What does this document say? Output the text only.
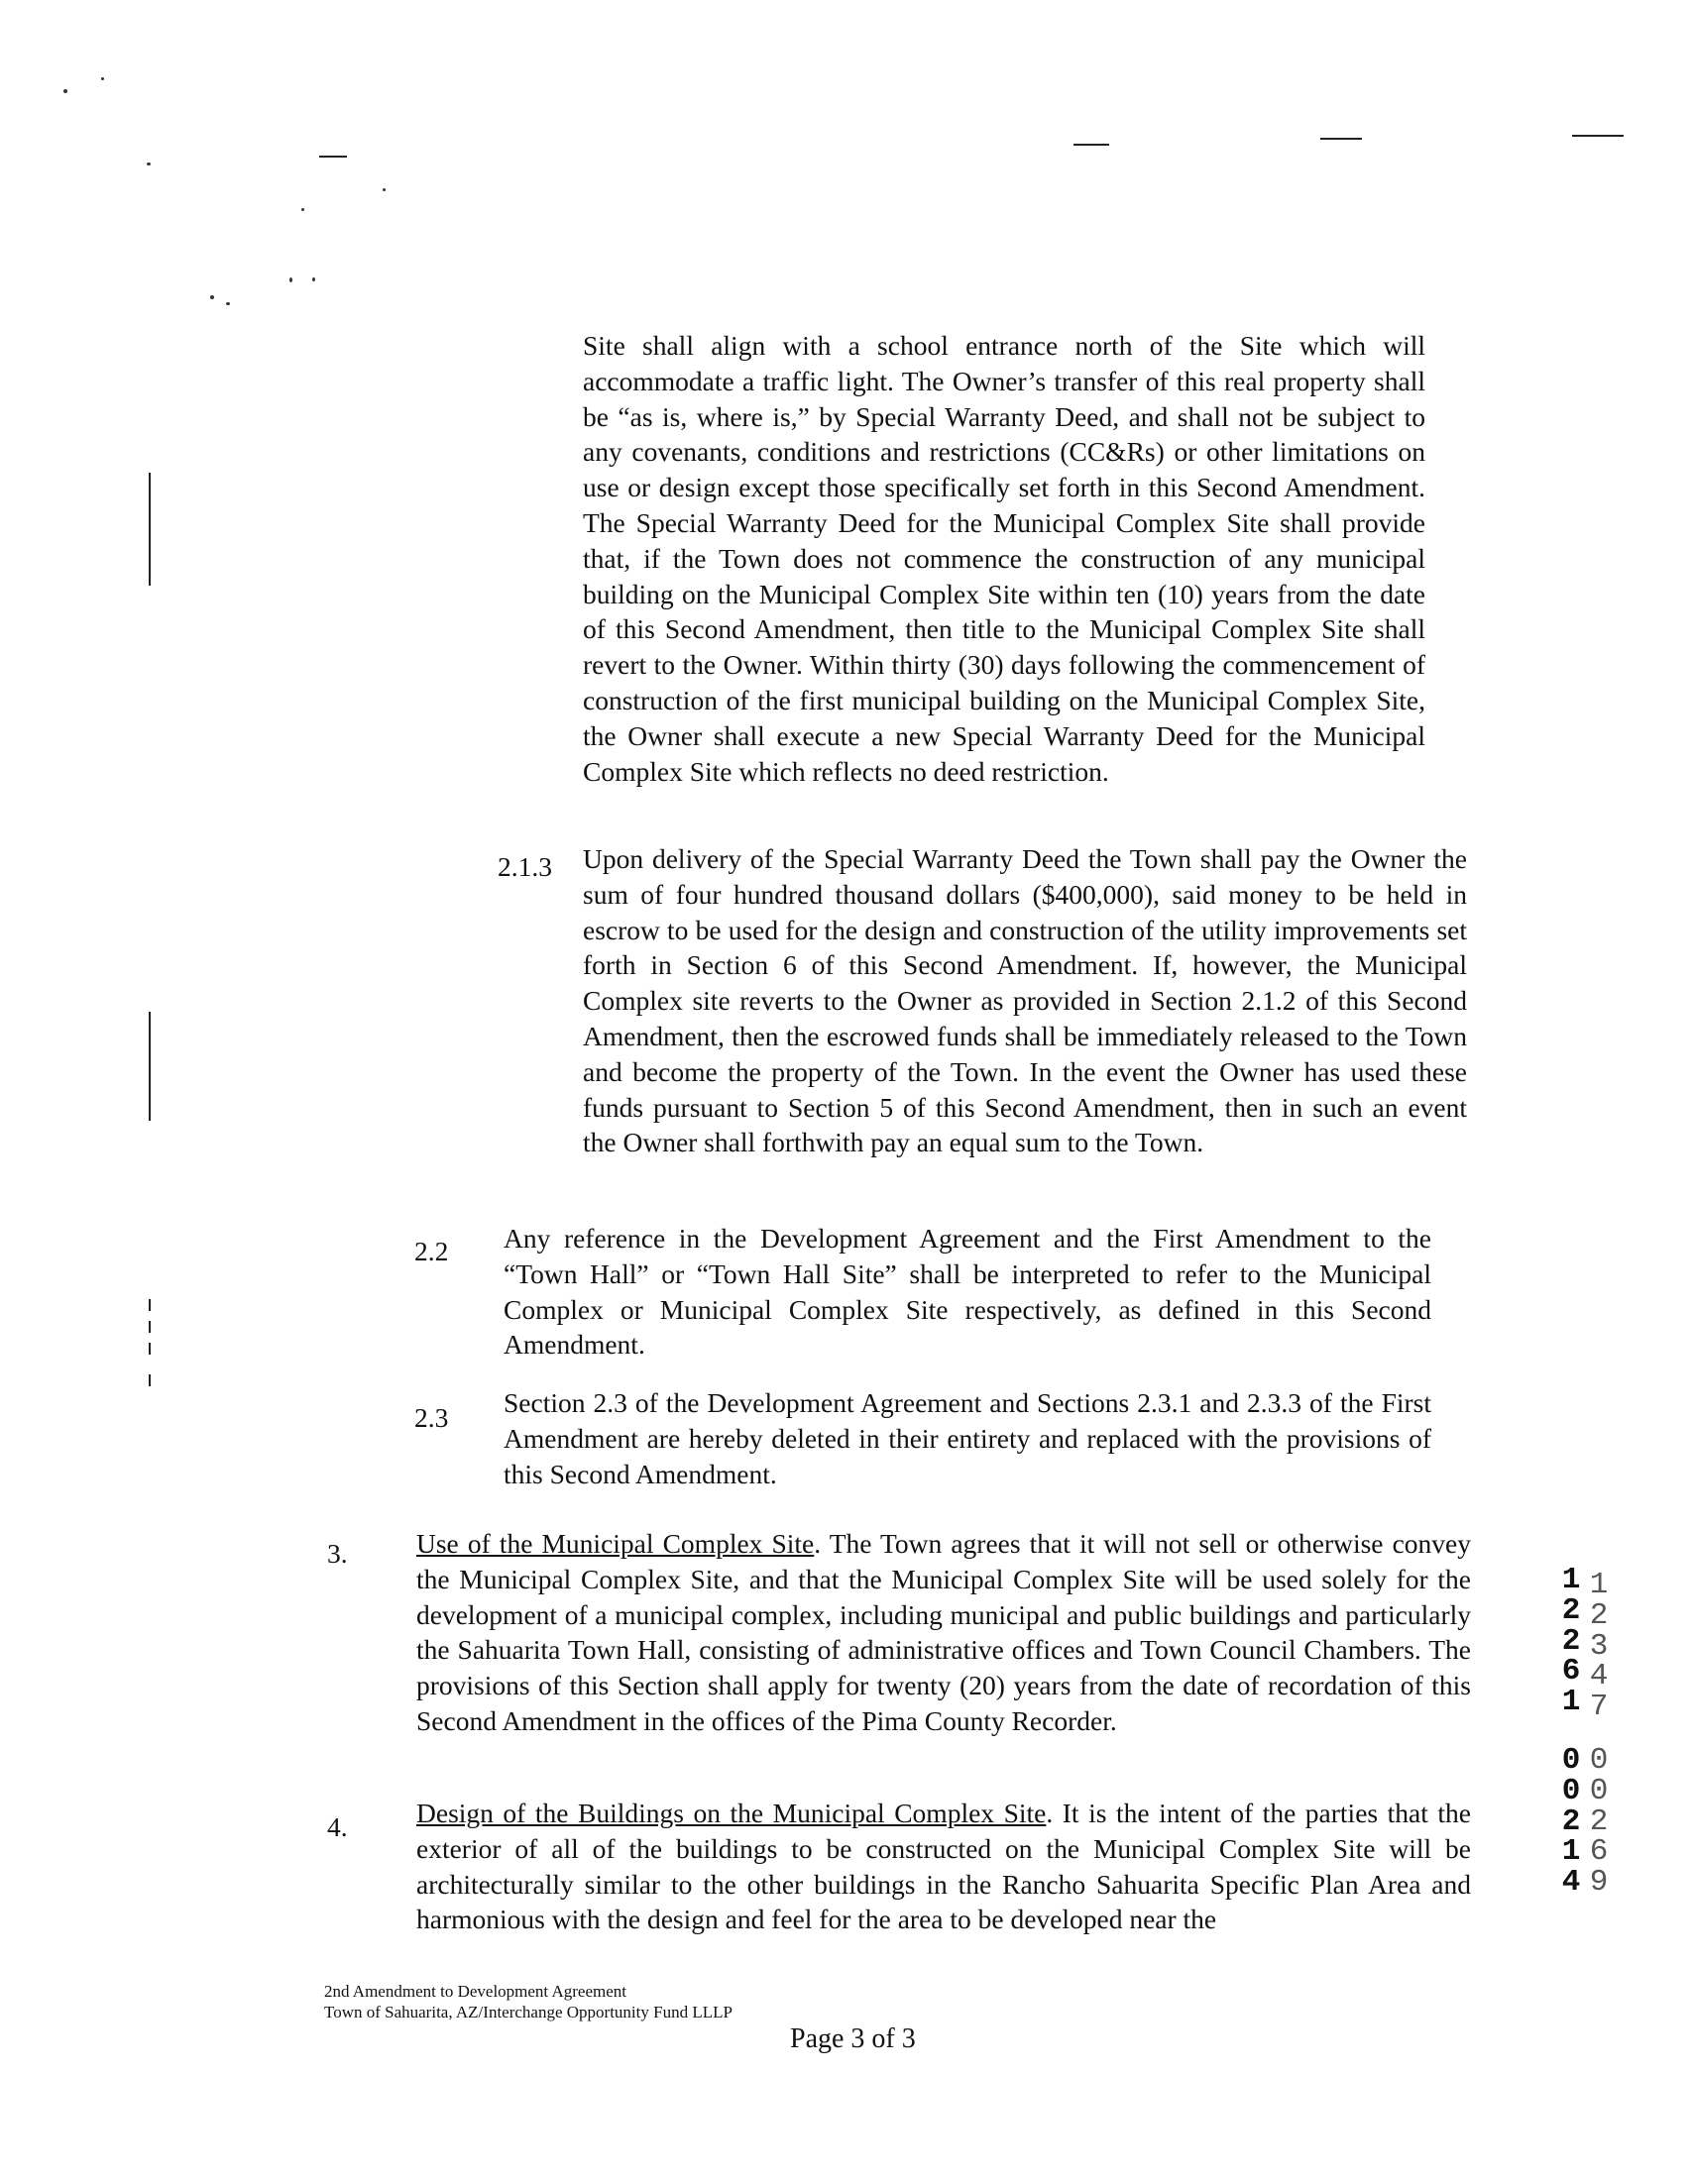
Site shall align with a school entrance north of the Site which will accommodate a traffic light. The Owner’s transfer of this real property shall be “as is, where is,” by Special Warranty Deed, and shall not be subject to any covenants, conditions and restrictions (CC&Rs) or other limitations on use or design except those specifically set forth in this Second Amendment. The Special Warranty Deed for the Municipal Complex Site shall provide that, if the Town does not commence the construction of any municipal building on the Municipal Complex Site within ten (10) years from the date of this Second Amendment, then title to the Municipal Complex Site shall revert to the Owner. Within thirty (30) days following the commencement of construction of the first municipal building on the Municipal Complex Site, the Owner shall execute a new Special Warranty Deed for the Municipal Complex Site which reflects no deed restriction.
2.1.3 Upon delivery of the Special Warranty Deed the Town shall pay the Owner the sum of four hundred thousand dollars ($400,000), said money to be held in escrow to be used for the design and construction of the utility improvements set forth in Section 6 of this Second Amendment. If, however, the Municipal Complex site reverts to the Owner as provided in Section 2.1.2 of this Second Amendment, then the escrowed funds shall be immediately released to the Town and become the property of the Town. In the event the Owner has used these funds pursuant to Section 5 of this Second Amendment, then in such an event the Owner shall forthwith pay an equal sum to the Town.
2.2 Any reference in the Development Agreement and the First Amendment to the “Town Hall” or “Town Hall Site” shall be interpreted to refer to the Municipal Complex or Municipal Complex Site respectively, as defined in this Second Amendment.
2.3 Section 2.3 of the Development Agreement and Sections 2.3.1 and 2.3.3 of the First Amendment are hereby deleted in their entirety and replaced with the provisions of this Second Amendment.
3.	Use of the Municipal Complex Site. The Town agrees that it will not sell or otherwise convey the Municipal Complex Site, and that the Municipal Complex Site will be used solely for the development of a municipal complex, including municipal and public buildings and particularly the Sahuarita Town Hall, consisting of administrative offices and Town Council Chambers. The provisions of this Section shall apply for twenty (20) years from the date of recordation of this Second Amendment in the offices of the Pima County Recorder.
4.	Design of the Buildings on the Municipal Complex Site. It is the intent of the parties that the exterior of all of the buildings to be constructed on the Municipal Complex Site will be architecturally similar to the other buildings in the Rancho Sahuarita Specific Plan Area and harmonious with the design and feel for the area to be developed near the
1
2
2
6
1
1
2
3
4
7
0
0
2
1
4
0
0
2
6
9
2nd Amendment to Development Agreement
Town of Sahuarita, AZ/Interchange Opportunity Fund LLLP
Page 3 of 3
